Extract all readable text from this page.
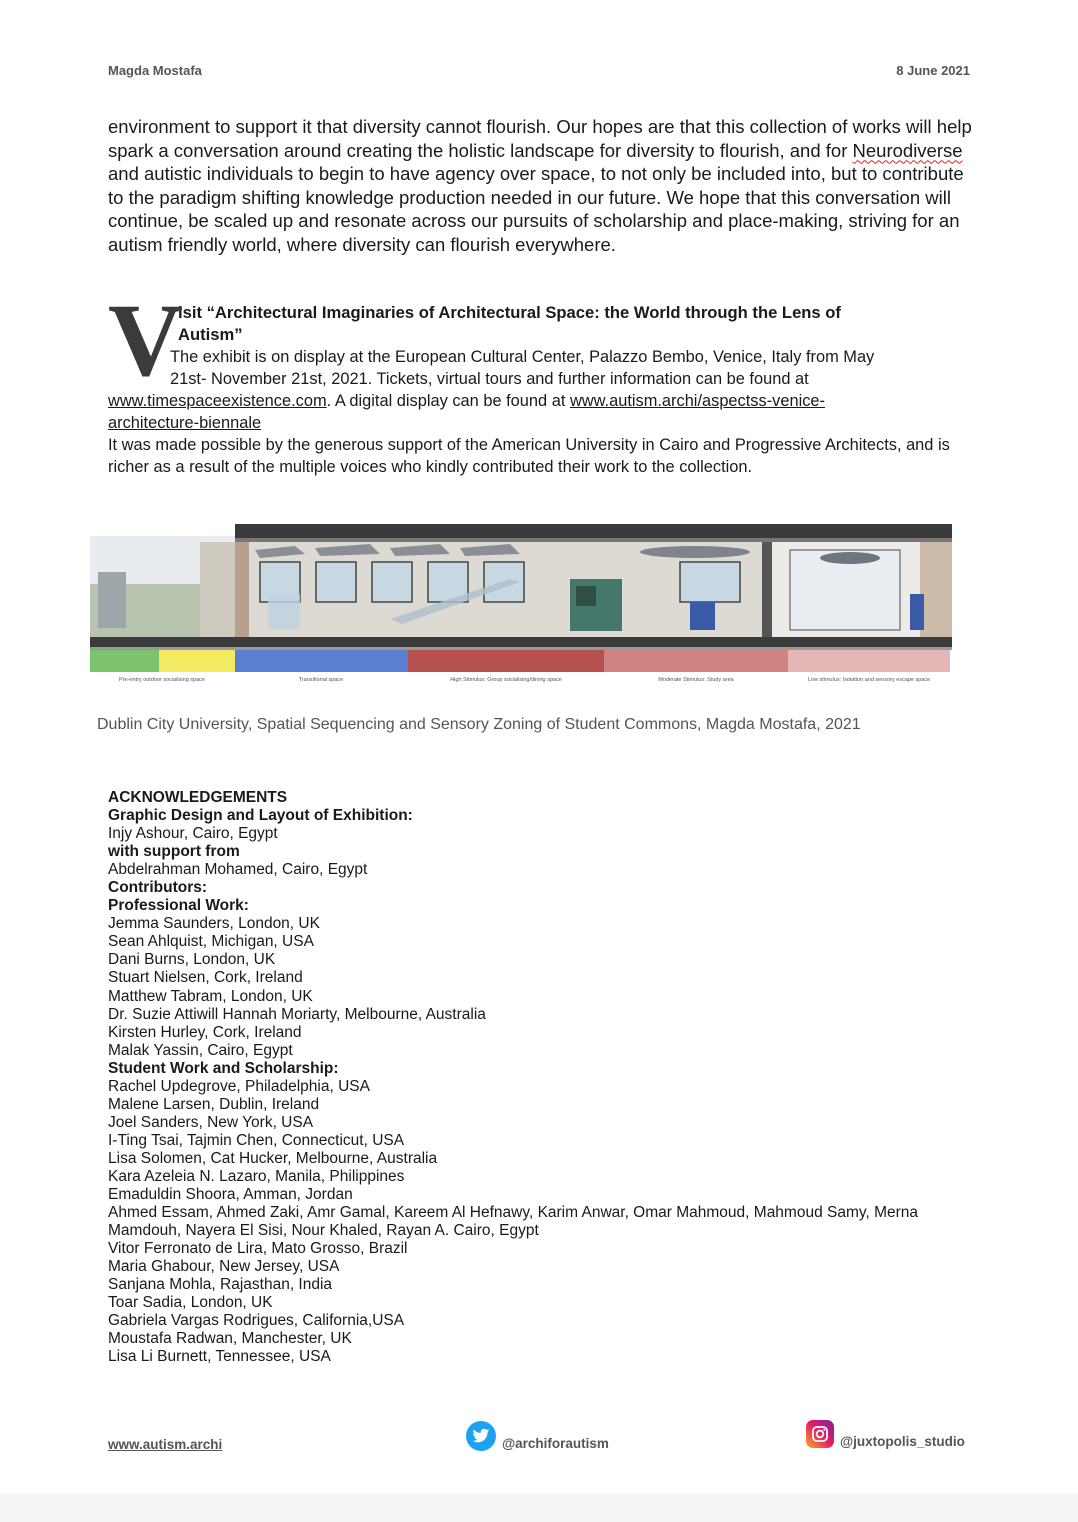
Magda Mostafa	8 June 2021

environment to support it that diversity cannot flourish. Our hopes are that this collection of works will help spark a conversation around creating the holistic landscape for diversity to flourish, and for Neurodiverse and autistic individuals to begin to have agency over space, to not only be included into, but to contribute to the paradigm shifting knowledge production needed in our future. We hope that this conversation will continue, be scaled up and resonate across our pursuits of scholarship and place-making, striving for an autism friendly world, where diversity can flourish everywhere.

V
isit “Architectural Imaginaries of Architectural Space: the World through the Lens of
Autism”
The exhibit is on display at the European Cultural Center, Palazzo Bembo, Venice, Italy from May
21st- November 21st, 2021. Tickets, virtual tours and further information can be found at
www.timespaceexistence.com. A digital display can be found at www.autism.archi/aspectss-venice-
architecture-biennale
It was made possible by the generous support of the American University in Cairo and Progressive Architects, and is richer as a result of the multiple voices who kindly contributed their work to the collection.
Pre-entry outdoor socialising space	Transitional space	High Stimulus: Group socialising/dining space	Moderate Stimulus: Study area	Low stimulus: Isolation and sensory escape space
Dublin City University, Spatial Sequencing and Sensory Zoning of Student Commons, Magda Mostafa, 2021
ACKNOWLEDGEMENTS
Graphic Design and Layout of Exhibition:
Injy Ashour, Cairo, Egypt
with support from
Abdelrahman Mohamed, Cairo, Egypt
Contributors:
Professional Work:
Jemma Saunders, London, UK
Sean Ahlquist, Michigan, USA
Dani Burns, London, UK
Stuart Nielsen, Cork, Ireland
Matthew Tabram, London, UK
Dr. Suzie Attiwill Hannah Moriarty, Melbourne, Australia
Kirsten Hurley, Cork, Ireland
Malak Yassin, Cairo, Egypt
Student Work and Scholarship:
Rachel Updegrove, Philadelphia, USA
Malene Larsen, Dublin, Ireland
Joel Sanders, New York, USA
I-Ting Tsai, Tajmin Chen, Connecticut, USA
Lisa Solomen, Cat Hucker, Melbourne, Australia
Kara Azeleia N. Lazaro, Manila, Philippines
Emaduldin Shoora, Amman, Jordan
Ahmed Essam, Ahmed Zaki, Amr Gamal, Kareem Al Hefnawy, Karim Anwar, Omar Mahmoud, Mahmoud Samy, Merna Mamdouh, Nayera El Sisi, Nour Khaled, Rayan A. Cairo, Egypt
Vitor Ferronato de Lira, Mato Grosso, Brazil
Maria Ghabour, New Jersey, USA
Sanjana Mohla, Rajasthan, India
Toar Sadia, London, UK
Gabriela Vargas Rodrigues, California,USA
Moustafa Radwan, Manchester, UK
Lisa Li Burnett, Tennessee, USA
www.autism.archi	@archiforautism	@juxtopolis_studio
